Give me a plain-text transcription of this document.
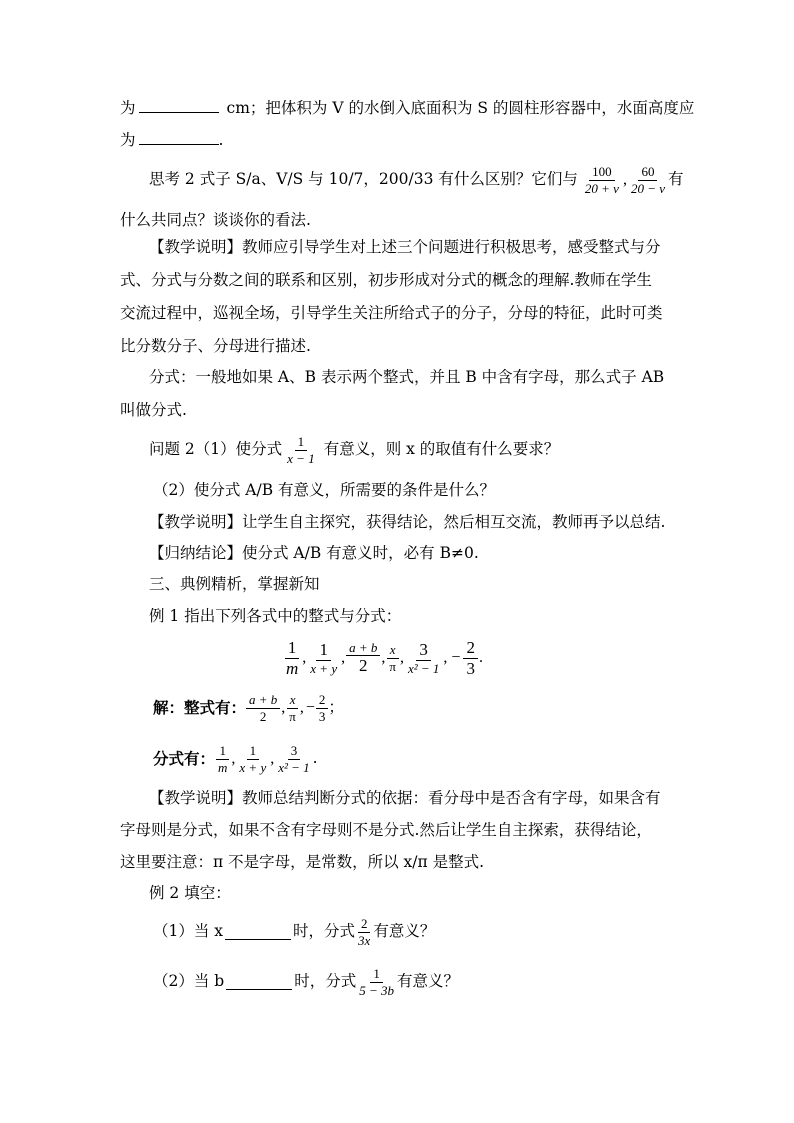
为	cm；把体积为 V 的水倒入底面积为 S 的圆柱形容器中，水面高度应
为	.
思考 2 式子 S/a、V/S 与 10/7，200/33 有什么区别？它们与 $\frac{100}{20 + v}$ , $\frac{60}{20 - v}$ 有
什么共同点？谈谈你的看法.
【教学说明】教师应引导学生对上述三个问题进行积极思考，感受整式与分
式、分式与分数之间的联系和区别，初步形成对分式的概念的理解.教师在学生
交流过程中，巡视全场，引导学生关注所给式子的分子，分母的特征，此时可类
比分数分子、分母进行描述.
分式：一般地如果 A、B 表示两个整式，并且 B 中含有字母，那么式子 AB
叫做分式.
问题 2（1）使分式 $\frac{1}{x - 1}$ 有意义，则 x 的取值有什么要求？
（2）使分式 A/B 有意义，所需要的条件是什么？
【教学说明】让学生自主探究，获得结论，然后相互交流，教师再予以总结.
【归纳结论】使分式 A/B 有意义时，必有 B≠0.
三、典例精析，掌握新知
例 1 指出下列各式中的整式与分式：
$\frac{1}{m}$ , $\frac{1}{x + y}$ , $\frac{a + b}{2}$ , $\frac{x}{\pi}$ , $\frac{3}{\text{x² − 1}}$ , − $\frac{2}{3}$ .
解：整式有： $\frac{a + b}{2}$ , $\frac{x}{\pi}$ , − $\frac{2}{3}$ ；
分式有： $\frac{1}{m}$ , $\frac{1}{x + y}$ , $\frac{3}{\text{x² − 1}}$ .
【教学说明】教师总结判断分式的依据：看分母中是否含有字母，如果含有
字母则是分式，如果不含有字母则不是分式.然后让学生自主探索，获得结论，
这里要注意：π 不是字母，是常数，所以 x/π 是整式.
例 2 填空：
（1）当 x	时，分式 $\frac{2}{3x}$ 有意义？
（2）当 b	时，分式 $\frac{1}{5 - 3b}$ 有意义？
